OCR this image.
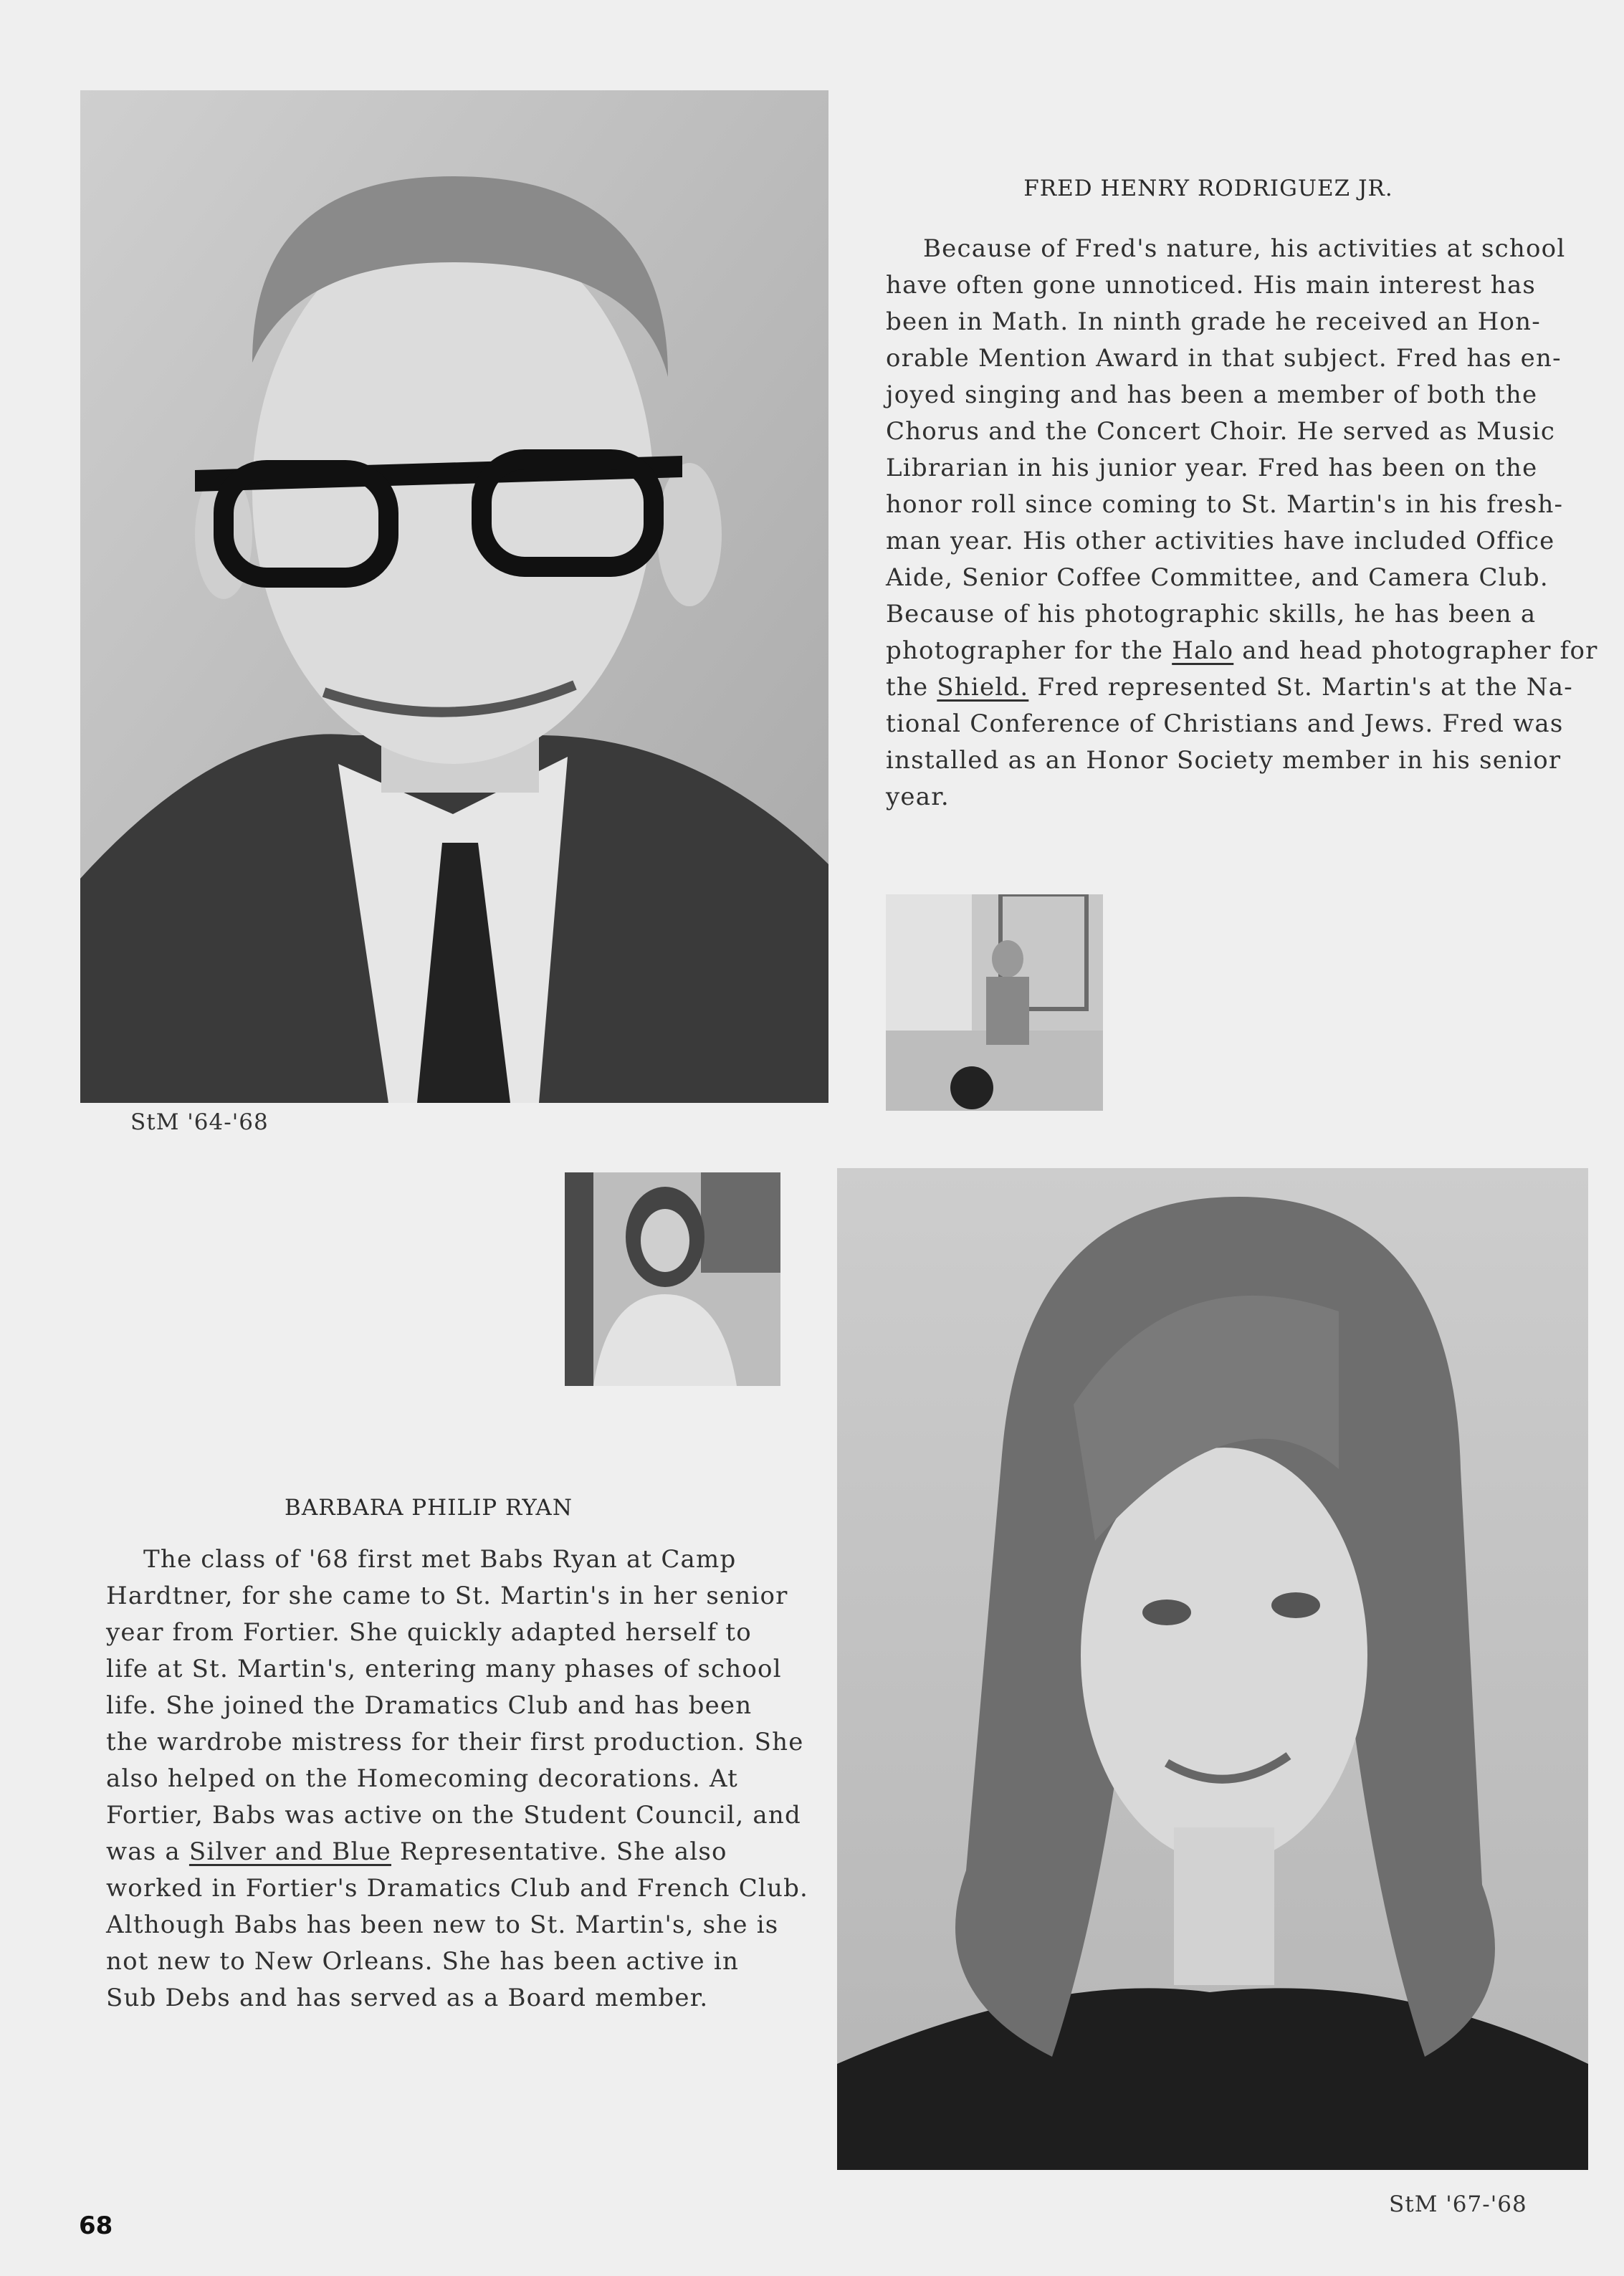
StM '64-'68
FRED HENRY RODRIGUEZ JR.
Because of Fred's nature, his activities at school
have often gone unnoticed. His main interest has
been in Math. In ninth grade he received an Hon-
orable Mention Award in that subject. Fred has en-
joyed singing and has been a member of both the
Chorus and the Concert Choir. He served as Music
Librarian in his junior year. Fred has been on the
honor roll since coming to St. Martin's in his fresh-
man year. His other activities have included Office
Aide, Senior Coffee Committee, and Camera Club.
Because of his photographic skills, he has been a
photographer for the Halo and head photographer for
the Shield. Fred represented St. Martin's at the Na-
tional Conference of Christians and Jews. Fred was
installed as an Honor Society member in his senior
year.
BARBARA PHILIP RYAN
The class of '68 first met Babs Ryan at Camp
Hardtner, for she came to St. Martin's in her senior
year from Fortier. She quickly adapted herself to
life at St. Martin's, entering many phases of school
life. She joined the Dramatics Club and has been
the wardrobe mistress for their first production. She
also helped on the Homecoming decorations. At
Fortier, Babs was active on the Student Council, and
was a Silver and Blue Representative. She also
worked in Fortier's Dramatics Club and French Club.
Although Babs has been new to St. Martin's, she is
not new to New Orleans. She has been active in
Sub Debs and has served as a Board member.
StM '67-'68
68
